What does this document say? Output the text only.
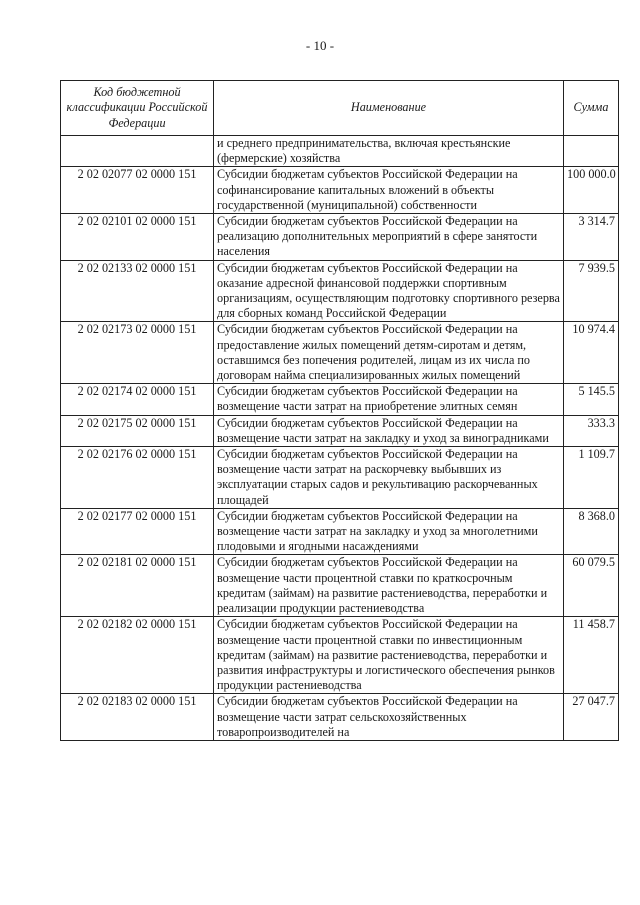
- 10 -
Код бюджетной классификации Российской Федерации	Наименование	Сумма
	и среднего предпринимательства, включая крестьянские (фермерские) хозяйства	
2 02 02077 02 0000 151	Субсидии бюджетам субъектов Российской Федерации на софинансирование капитальных вложений в объекты государственной (муниципальной) собственности	100 000.0
2 02 02101 02 0000 151	Субсидии бюджетам субъектов Российской Федерации на реализацию дополнительных мероприятий в сфере занятости населения	3 314.7
2 02 02133 02 0000 151	Субсидии бюджетам субъектов Российской Федерации на оказание адресной финансовой поддержки спортивным организациям, осуществляющим подготовку спортивного резерва для сборных команд Российской Федерации	7 939.5
2 02 02173 02 0000 151	Субсидии бюджетам субъектов Российской Федерации на предоставление жилых помещений детям-сиротам и детям, оставшимся без попечения родителей, лицам из их числа по договорам найма специализированных жилых помещений	10 974.4
2 02 02174 02 0000 151	Субсидии бюджетам субъектов Российской Федерации на возмещение части затрат на приобретение элитных семян	5 145.5
2 02 02175 02 0000 151	Субсидии бюджетам субъектов Российской Федерации на возмещение части затрат на закладку и уход за виноградниками	333.3
2 02 02176 02 0000 151	Субсидии бюджетам субъектов Российской Федерации на возмещение части затрат на раскорчевку выбывших из эксплуатации старых садов и рекультивацию раскорчеванных площадей	1 109.7
2 02 02177 02 0000 151	Субсидии бюджетам субъектов Российской Федерации на возмещение части затрат на закладку и уход за многолетними плодовыми и ягодными насаждениями	8 368.0
2 02 02181 02 0000 151	Субсидии бюджетам субъектов Российской Федерации на возмещение части процентной ставки по краткосрочным кредитам (займам) на развитие растениеводства, переработки и реализации продукции растениеводства	60 079.5
2 02 02182 02 0000 151	Субсидии бюджетам субъектов Российской Федерации на возмещение части процентной ставки по инвестиционным кредитам (займам) на развитие растениеводства, переработки и развития инфраструктуры и логистического обеспечения рынков продукции растениеводства	11 458.7
2 02 02183 02 0000 151	Субсидии бюджетам субъектов Российской Федерации на возмещение части затрат сельскохозяйственных товаропроизводителей на	27 047.7
